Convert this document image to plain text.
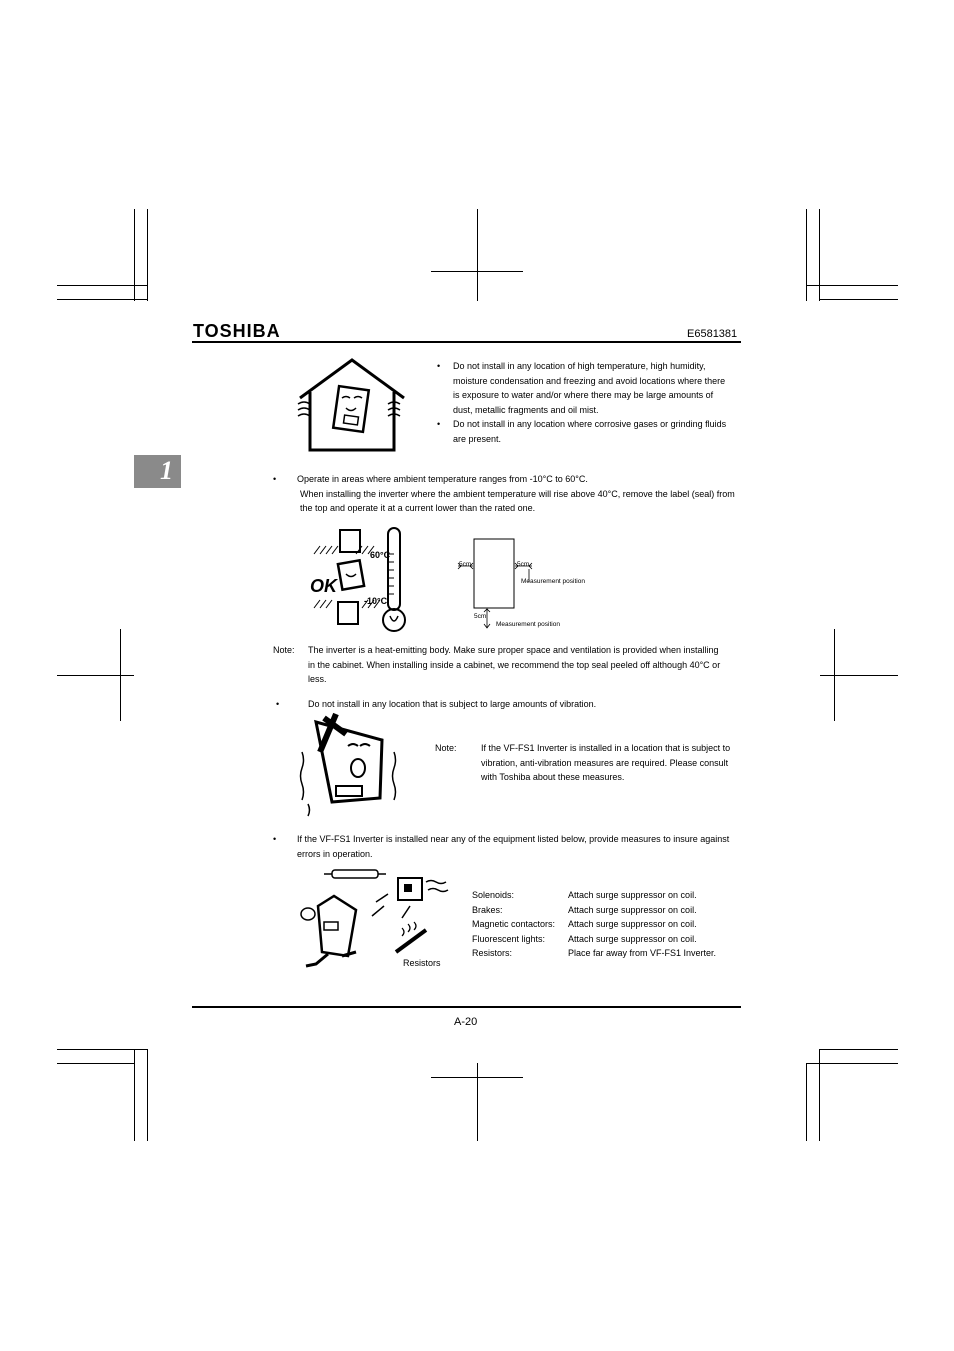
TOSHIBA	E6581381
1
• Do not install in any location of high temperature, high humidity, moisture condensation and freezing and avoid locations where there is exposure to water and/or where there may be large amounts of dust, metallic fragments and oil mist.
• Do not install in any location where corrosive gases or grinding fluids are present.
• Operate in areas where ambient temperature ranges from -10°C to 60°C.
When installing the inverter where the ambient temperature will rise above 40°C, remove the label (seal) from the top and operate it at a current lower than the rated one.
60°C
-10°C
OK
5cm	5cm
Measurement position
5cm
Measurement position
Note: The inverter is a heat-emitting body. Make sure proper space and ventilation is provided when installing in the cabinet. When installing inside a cabinet, we recommend the top seal peeled off although 40°C or less.
•	Do not install in any location that is subject to large amounts of vibration.
Note:	If the VF-FS1 Inverter is installed in a location that is subject to vibration, anti-vibration measures are required. Please consult with Toshiba about these measures.
• If the VF-FS1 Inverter is installed near any of the equipment listed below, provide measures to insure against errors in operation.
Resistors
Solenoids:	Attach surge suppressor on coil.
Brakes:	Attach surge suppressor on coil.
Magnetic contactors:	Attach surge suppressor on coil.
Fluorescent lights:	Attach surge suppressor on coil.
Resistors:	Place far away from VF-FS1 Inverter.
A-20
